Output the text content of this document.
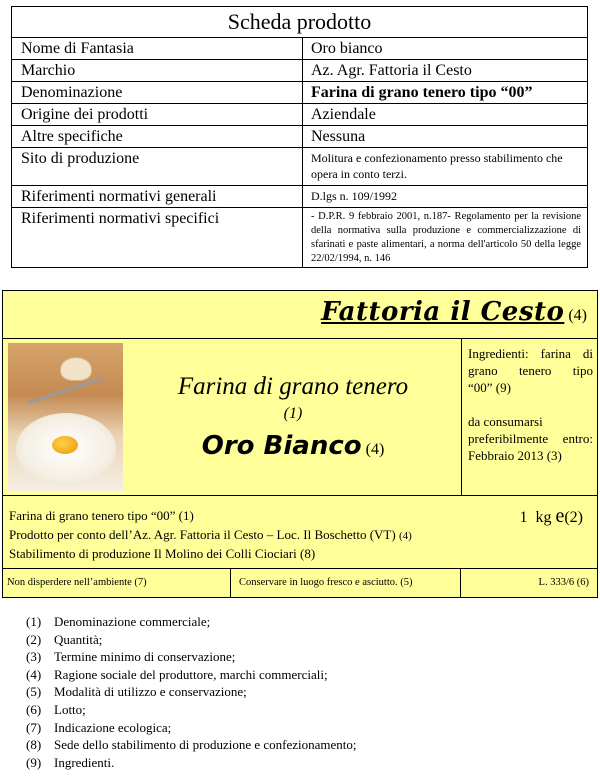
Scheda prodotto
Nome di Fantasia	Oro bianco
Marchio	Az. Agr. Fattoria il Cesto
Denominazione	Farina di grano tenero tipo “00”
Origine dei prodotti	Aziendale
Altre specifiche	Nessuna
Sito di produzione	Molitura e confezionamento presso stabilimento che opera in conto terzi.
Riferimenti normativi generali	D.lgs n. 109/1992
Riferimenti normativi specifici	- D.P.R. 9 febbraio 2001, n.187- Regolamento per la revisione della normativa sulla produzione e commercializzazione di sfarinati e paste alimentari, a norma dell'articolo 50 della legge 22/02/1994, n. 146
Fattoria il Cesto (4)
Farina di grano tenero
(1)
Oro Bianco (4)
Ingredienti: farina di
grano tenero tipo
“00” (9)
da consumarsi
preferibilmente entro:
Febbraio 2013 (3)
Farina di grano tenero tipo “00” (1)	1 kg e(2)
Prodotto per conto dell’Az. Agr. Fattoria il Cesto – Loc. Il Boschetto (VT) (4)
Stabilimento di produzione Il Molino dei Colli Ciociari (8)
Non disperdere nell’ambiente (7)	Conservare in luogo fresco e asciutto. (5)	L. 333/6 (6)
(1) Denominazione commerciale;
(2) Quantità;
(3) Termine minimo di conservazione;
(4) Ragione sociale del produttore, marchi commerciali;
(5) Modalità di utilizzo e conservazione;
(6) Lotto;
(7) Indicazione ecologica;
(8) Sede dello stabilimento di produzione e confezionamento;
(9) Ingredienti.
